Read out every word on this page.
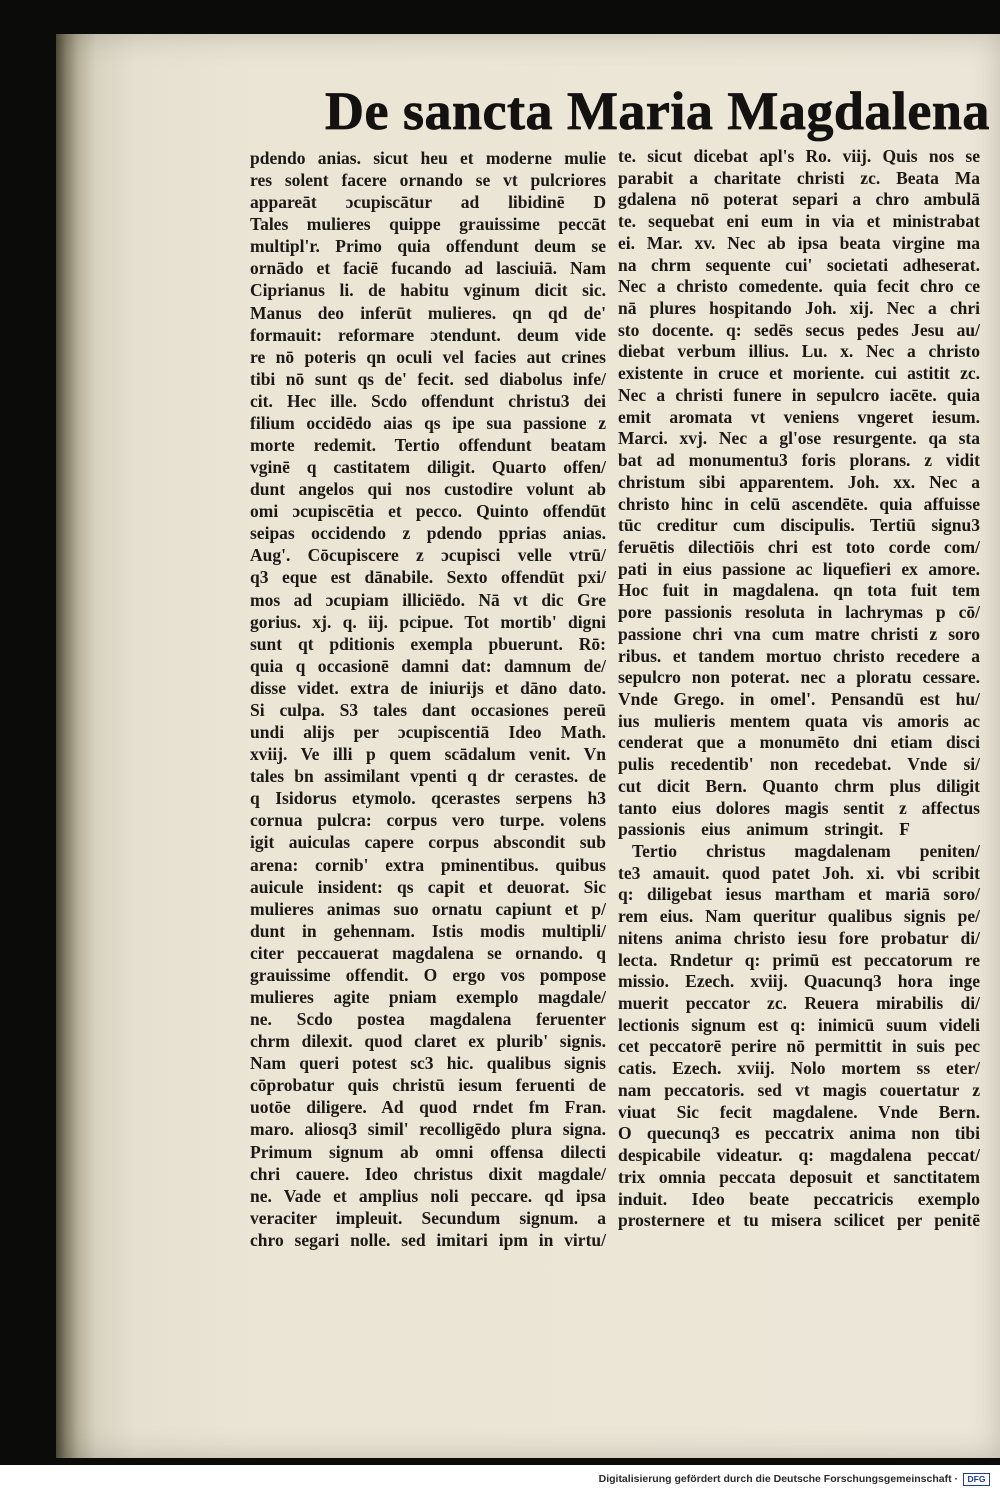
De sancta Maria Magdalena
pdendo anias. sicut heu et moderne mulie
res solent facere ornando se vt pulcriores
appareāt ɔcupiscātur ad libidinē D
Tales mulieres quippe grauissime peccāt
multipl'r. Primo quia offendunt deum se
ornādo et faciē fucando ad lasciuiā. Nam
Ciprianus li. de habitu vginum dicit sic.
Manus deo inferūt mulieres. qn qd de'
formauit: reformare ɔtendunt. deum vide
re nō poteris qn oculi vel facies aut crines
tibi nō sunt qs de' fecit. sed diabolus infe/
cit. Hec ille. Scdo offendunt christu3 dei
filium occidēdo aias qs ipe sua passione z
morte redemit. Tertio offendunt beatam
vginē q castitatem diligit. Quarto offen/
dunt angelos qui nos custodire volunt ab
omi ɔcupiscētia et pecco. Quinto offendūt
seipas occidendo z pdendo pprias anias.
Aug'. Cōcupiscere z ɔcupisci velle vtrū/
q3 eque est dānabile. Sexto offendūt pxi/
mos ad ɔcupiam illiciēdo. Nā vt dic Gre
gorius. xj. q. iij. pcipue. Tot mortib' digni
sunt qt pditionis exempla pbuerunt. Rō:
quia q occasionē damni dat: damnum de/
disse videt. extra de iniurijs et dāno dato.
Si culpa. S3 tales dant occasiones pereū
undi alijs per ɔcupiscentiā Ideo Math.
xviij. Ve illi p quem scādalum venit. Vn
tales bn assimilant vpenti q dr cerastes. de
q Isidorus etymolo. qcerastes serpens h3
cornua pulcra: corpus vero turpe. volens
igit auiculas capere corpus abscondit sub
arena: cornib' extra pminentibus. quibus
auicule insident: qs capit et deuorat. Sic
mulieres animas suo ornatu capiunt et p/
dunt in gehennam. Istis modis multipli/
citer peccauerat magdalena se ornando. q
grauissime offendit. O ergo vos pompose
mulieres agite pniam exemplo magdale/
ne. Scdo postea magdalena feruenter
chrm dilexit. quod claret ex plurib' signis.
Nam queri potest sc3 hic. qualibus signis
cōprobatur quis christū iesum feruenti de
uotōe diligere. Ad quod rndet fm Fran.
maro. aliosq3 simil' recolligēdo plura signa.
Primum signum ab omni offensa dilecti
chri cauere. Ideo christus dixit magdale/
ne. Vade et amplius noli peccare. qd ipsa
veraciter impleuit. Secundum signum. a
chro segari nolle. sed imitari ipm in virtu/
te. sicut dicebat apl's Ro. viij. Quis nos se
parabit a charitate christi zc. Beata Ma
gdalena nō poterat separi a chro ambulā
te. sequebat eni eum in via et ministrabat
ei. Mar. xv. Nec ab ipsa beata virgine ma
na chrm sequente cui' societati adheserat.
Nec a christo comedente. quia fecit chro ce
nā plures hospitando Joh. xij. Nec a chri
sto docente. q: sedēs secus pedes Jesu au/
diebat verbum illius. Lu. x. Nec a christo
existente in cruce et moriente. cui astitit zc.
Nec a christi funere in sepulcro iacēte. quia
emit aromata vt veniens vngeret iesum.
Marci. xvj. Nec a gl'ose resurgente. qa sta
bat ad monumentu3 foris plorans. z vidit
christum sibi apparentem. Joh. xx. Nec a
christo hinc in celū ascendēte. quia affuisse
tūc creditur cum discipulis. Tertiū signu3
feruētis dilectiōis chri est toto corde com/
pati in eius passione ac liquefieri ex amore.
Hoc fuit in magdalena. qn tota fuit tem
pore passionis resoluta in lachrymas p cō/
passione chri vna cum matre christi z soro
ribus. et tandem mortuo christo recedere a
sepulcro non poterat. nec a ploratu cessare.
Vnde Grego. in omel'. Pensandū est hu/
ius mulieris mentem quata vis amoris ac
cenderat que a monumēto dni etiam disci
pulis recedentib' non recedebat. Vnde si/
cut dicit Bern. Quanto chrm plus diligit
tanto eius dolores magis sentit z affectus
passionis eius animum stringit. F
Tertio christus magdalenam peniten/
te3 amauit. quod patet Joh. xi. vbi scribit
q: diligebat iesus martham et mariā soro/
rem eius. Nam queritur qualibus signis pe/
nitens anima christo iesu fore probatur di/
lecta. Rndetur q: primū est peccatorum re
missio. Ezech. xviij. Quacunq3 hora inge
muerit peccator zc. Reuera mirabilis di/
lectionis signum est q: inimicū suum videli
cet peccatorē perire nō permittit in suis pec
catis. Ezech. xviij. Nolo mortem ss eter/
nam peccatoris. sed vt magis couertatur z
viuat Sic fecit magdalene. Vnde Bern.
O quecunq3 es peccatrix anima non tibi
despicabile videatur. q: magdalena peccat/
trix omnia peccata deposuit et sanctitatem
induit. Ideo beate peccatricis exemplo
prosternere et tu misera scilicet per penitē
Digitalisierung gefördert durch die Deutsche Forschungsgemeinschaft ·	DFG
